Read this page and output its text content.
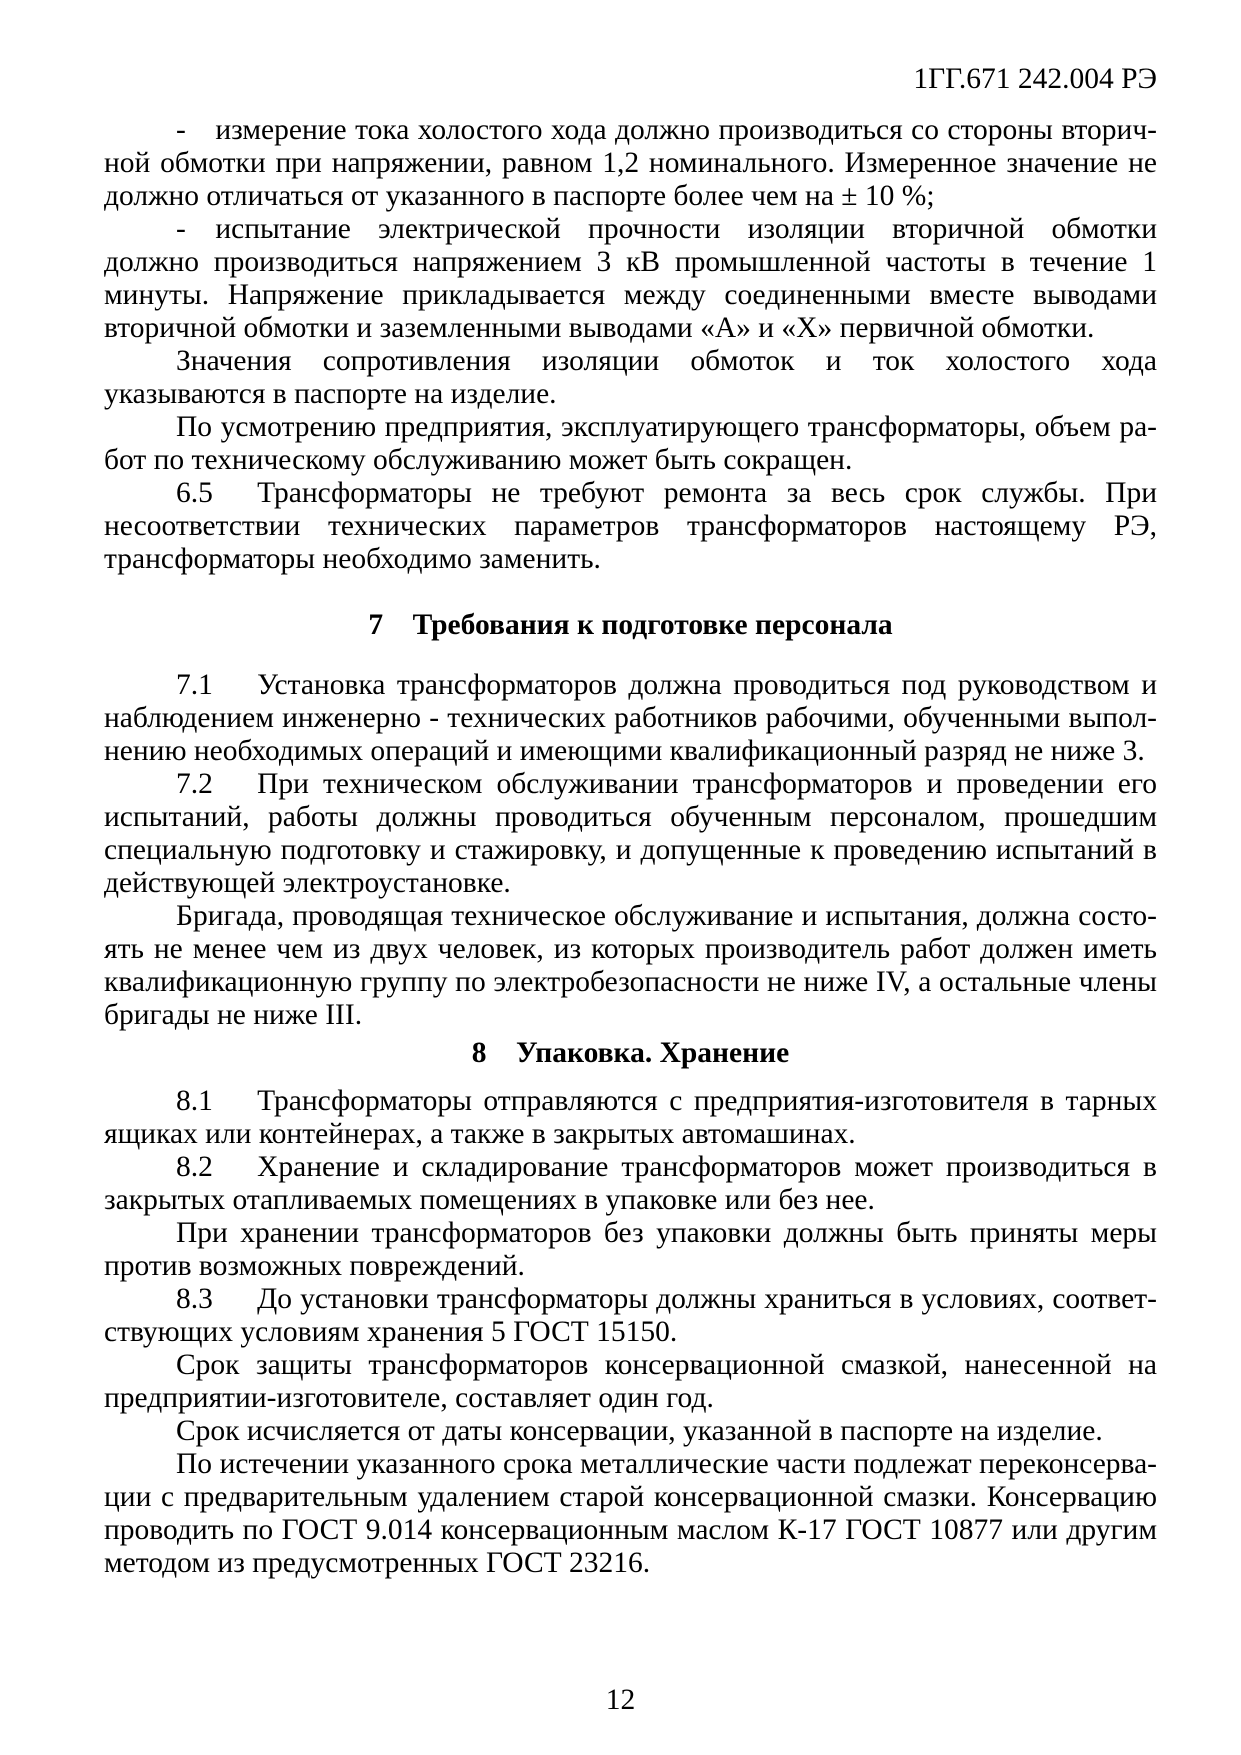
1ГГ.671 242.004 РЭ

-  измерение тока холостого хода должно производиться со стороны вторичной обмотки при напряжении, равном 1,2 номинального. Измеренное значение не должно отличаться от указанного в паспорте более чем на ± 10 %;

-  испытание электрической прочности изоляции вторичной обмотки должно производиться напряжением 3 кВ промышленной частоты в течение 1 минуты. Напряжение прикладывается между соединенными вместе выводами вторичной обмотки и заземленными выводами «А» и «Х» первичной обмотки.

Значения сопротивления изоляции обмоток и ток холостого хода указываются в паспорте на изделие.

По усмотрению предприятия, эксплуатирующего трансформаторы, объем работ по техническому обслуживанию может быть сокращен.

6.5  Трансформаторы не требуют ремонта за весь срок службы. При несоответствии технических параметров трансформаторов настоящему РЭ, трансформаторы необходимо заменить.

7 Требования к подготовке персонала

7.1  Установка трансформаторов должна проводиться под руководством и наблюдением инженерно - технических работников рабочими, обученными выполнению необходимых операций и имеющими квалификационный разряд не ниже 3.

7.2  При техническом обслуживании трансформаторов и проведении его испытаний, работы должны проводиться обученным персоналом, прошедшим специальную подготовку и стажировку, и допущенные к проведению испытаний в действующей электроустановке.

Бригада, проводящая техническое обслуживание и испытания, должна состоять не менее чем из двух человек, из которых производитель работ должен иметь квалификационную группу по электробезопасности не ниже IV, а остальные члены бригады не ниже III.

8 Упаковка. Хранение

8.1  Трансформаторы отправляются с предприятия-изготовителя в тарных ящиках или контейнерах, а также в закрытых автомашинах.

8.2  Хранение и складирование трансформаторов может производиться в закрытых отапливаемых помещениях в упаковке или без нее.

При хранении трансформаторов без упаковки должны быть приняты меры против возможных повреждений.

8.3  До установки трансформаторы должны храниться в условиях, соответствующих условиям хранения 5 ГОСТ 15150.

Срок защиты трансформаторов консервационной смазкой, нанесенной на предприятии-изготовителе, составляет один год.

Срок исчисляется от даты консервации, указанной в паспорте на изделие.

По истечении указанного срока металлические части подлежат переконсервации с предварительным удалением старой консервационной смазки. Консервацию проводить по ГОСТ 9.014 консервационным маслом К-17 ГОСТ 10877 или другим методом из предусмотренных ГОСТ 23216.

12
